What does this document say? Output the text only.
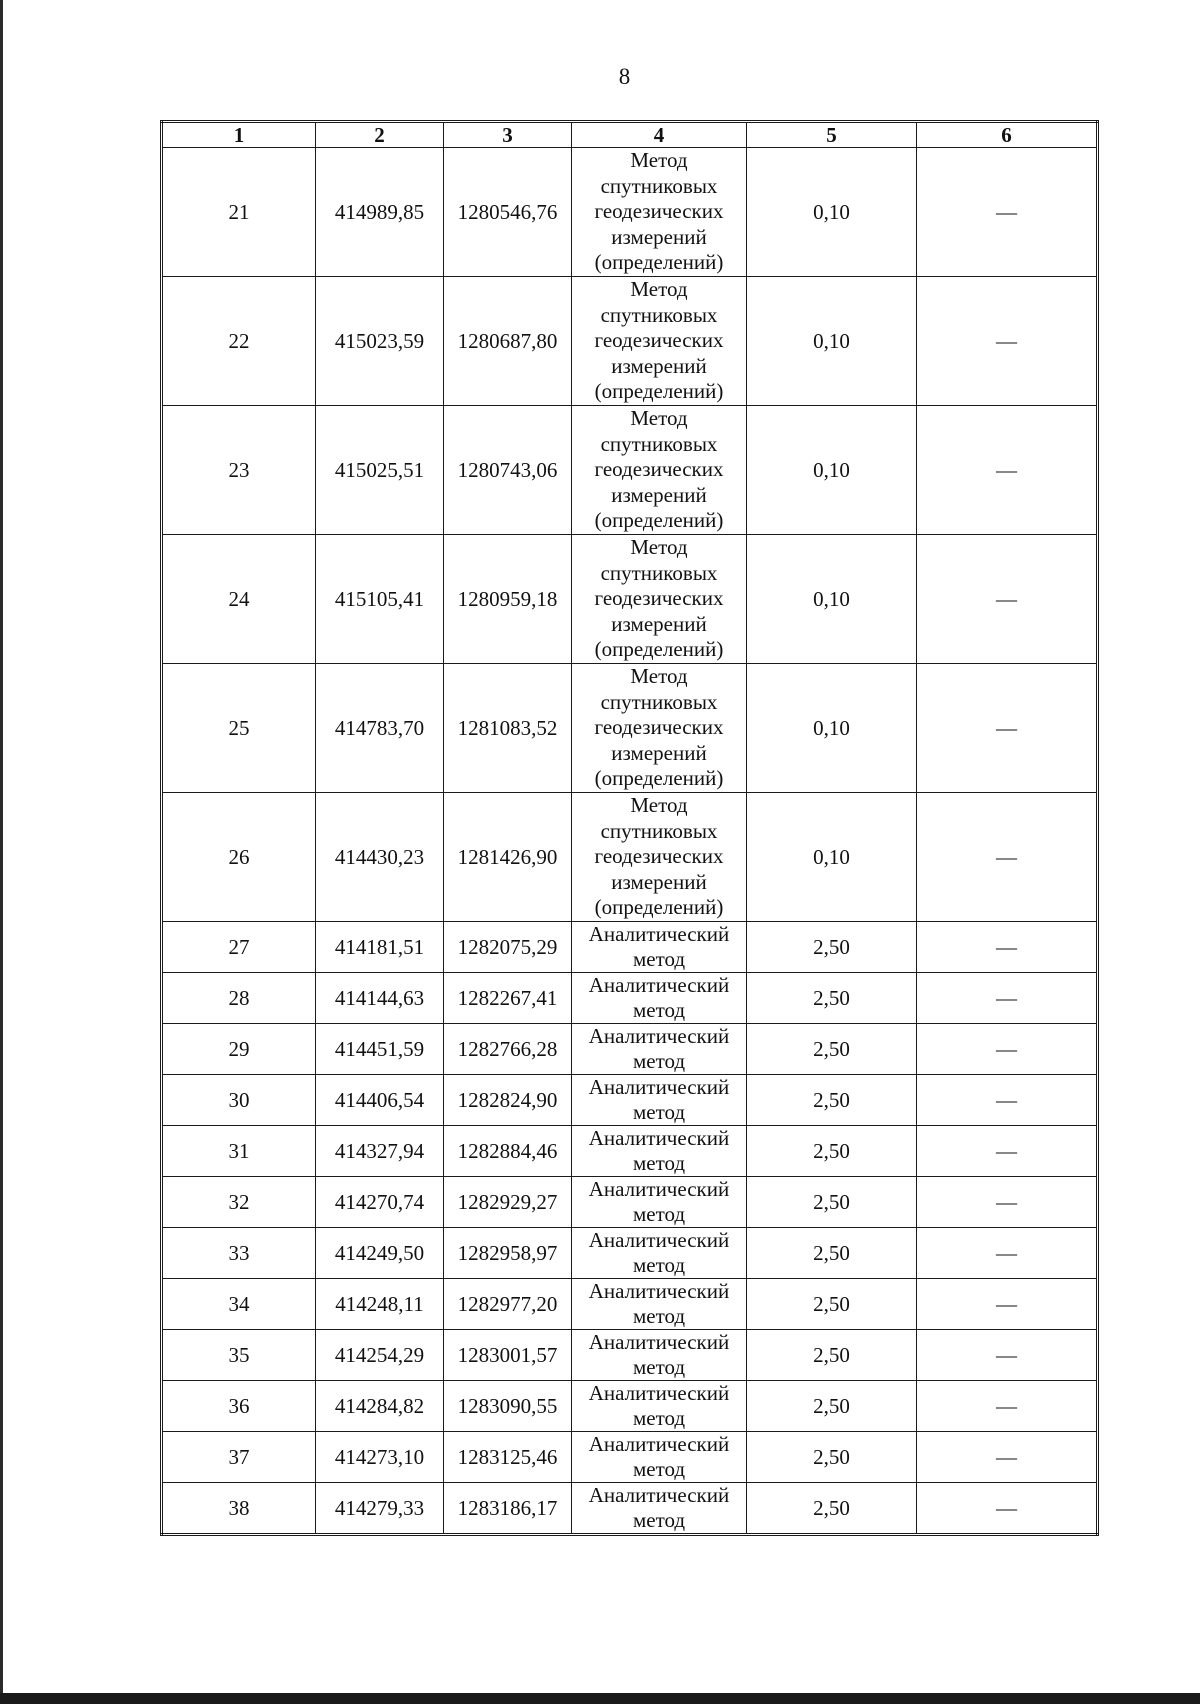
8
1	2	3	4	5	6
21	414989,85	1280546,76	Метод спутниковых геодезических измерений (определений)	0,10	—
22	415023,59	1280687,80	Метод спутниковых геодезических измерений (определений)	0,10	—
23	415025,51	1280743,06	Метод спутниковых геодезических измерений (определений)	0,10	—
24	415105,41	1280959,18	Метод спутниковых геодезических измерений (определений)	0,10	—
25	414783,70	1281083,52	Метод спутниковых геодезических измерений (определений)	0,10	—
26	414430,23	1281426,90	Метод спутниковых геодезических измерений (определений)	0,10	—
27	414181,51	1282075,29	Аналитический метод	2,50	—
28	414144,63	1282267,41	Аналитический метод	2,50	—
29	414451,59	1282766,28	Аналитический метод	2,50	—
30	414406,54	1282824,90	Аналитический метод	2,50	—
31	414327,94	1282884,46	Аналитический метод	2,50	—
32	414270,74	1282929,27	Аналитический метод	2,50	—
33	414249,50	1282958,97	Аналитический метод	2,50	—
34	414248,11	1282977,20	Аналитический метод	2,50	—
35	414254,29	1283001,57	Аналитический метод	2,50	—
36	414284,82	1283090,55	Аналитический метод	2,50	—
37	414273,10	1283125,46	Аналитический метод	2,50	—
38	414279,33	1283186,17	Аналитический метод	2,50	—
